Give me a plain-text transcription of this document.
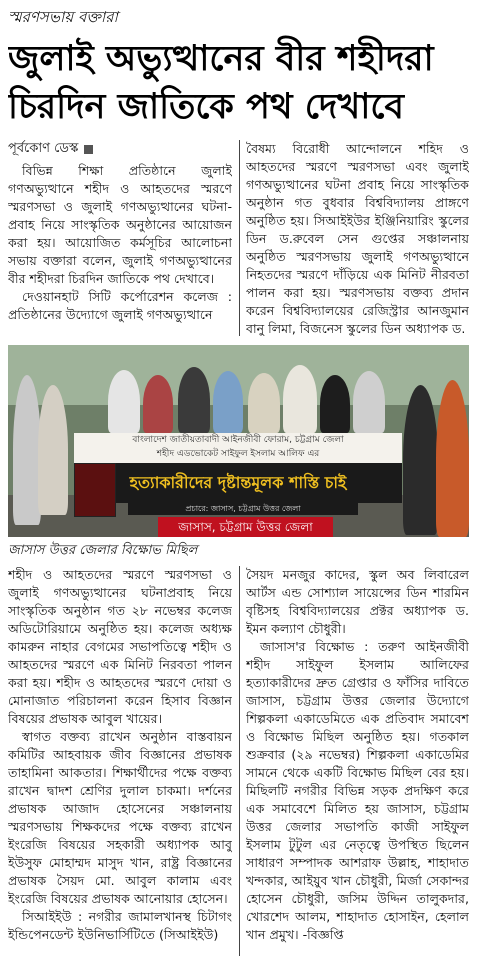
স্মরণসভায় বক্তারা
জুলাই অভ্যুত্থানের বীর শহীদরা
চিরদিন জাতিকে পথ দেখাবে
পূর্বকোণ ডেস্ক

বিভিন্ন শিক্ষা প্রতিষ্ঠানে জুলাই গণঅভ্যুত্থানে শহীদ ও আহতদের স্মরণে স্মরণসভা ও জুলাই গণঅভ্যুত্থানের ঘটনা-প্রবাহ নিয়ে সাংস্কৃতিক অনুষ্ঠানের আয়োজন করা হয়। আয়োজিত কর্মসূচির আলোচনা সভায় বক্তারা বলেন, জুলাই গণঅভ্যুত্থানের বীর শহীদরা চিরদিন জাতিকে পথ দেখাবে।

দেওয়ানহাট সিটি কর্পোরেশন কলেজ : প্রতিষ্ঠানের উদ্যোগে জুলাই গণঅভ্যুত্থানে

বৈষম্য বিরোধী আন্দোলনে শহিদ ও আহতদের স্মরণে স্মরণসভা এবং জুলাই গণঅভ্যুত্থানের ঘটনা প্রবাহ নিয়ে সাংস্কৃতিক অনুষ্ঠান গত বুধবার বিশ্ববিদ্যালয় প্রাঙ্গণে অনুষ্ঠিত হয়। সিআইইউর ইঞ্জিনিয়ারিং স্কুলের ডিন ড.রুবেল সেন গুপ্তের সঞ্চালনায় অনুষ্ঠিত স্মরণসভায় জুলাই গণঅভ্যুত্থানে নিহতদের স্মরণে দাঁড়িয়ে এক মিনিট নীরবতা পালন করা হয়। স্মরণসভায় বক্তব্য প্রদান করেন বিশ্ববিদ্যালয়ের রেজিস্ট্রার আনজুমান বানু লিমা, বিজনেস স্কুলের ডিন অধ্যাপক ড.

বাংলাদেশ জাতীয়তাবাদী আইনজীবী ফোরাম, চট্টগ্রাম জেলা
শহীদ এডভোকেট সাইফুল ইসলাম আলিফ এর
হত্যাকারীদের দৃষ্টান্তমূলক শাস্তি চাই
প্রচারে: জাসাস, চট্টগ্রাম উত্তর জেলা
জাসাস, চট্টগ্রাম উত্তর জেলা
জাসাস উত্তর জেলার বিক্ষোভ মিছিল

শহীদ ও আহতদের স্মরণে স্মরণসভা ও জুলাই গণঅভ্যুত্থানের ঘটনাপ্রবাহ নিয়ে সাংস্কৃতিক অনুষ্ঠান গত ২৮ নভেম্বর কলেজ অডিটোরিয়ামে অনুষ্ঠিত হয়। কলেজ অধ্যক্ষ কামরুন নাহার বেগমের সভাপতিত্বে শহীদ ও আহতদের স্মরণে এক মিনিট নিরবতা পালন করা হয়। শহীদ ও আহতদের স্মরণে দোয়া ও মোনাজাত পরিচালনা করেন হিসাব বিজ্ঞান বিষয়ের প্রভাষক আবুল খায়ের।

স্বাগত বক্তব্য রাখেন অনুষ্ঠান বাস্তবায়ন কমিটির আহবায়ক জীব বিজ্ঞানের প্রভাষক তাহামিনা আকতার। শিক্ষার্থীদের পক্ষে বক্তব্য রাখেন দ্বাদশ শ্রেণির দুলাল চাকমা। দর্শনের প্রভাষক আজাদ হোসেনের সঞ্চালনায় স্মরণসভায় শিক্ষকদের পক্ষে বক্তব্য রাখেন ইংরেজি বিষয়ের সহকারী অধ্যাপক আবু ইউসুফ মোহাম্মদ মাসুদ খান, রাষ্ট্র বিজ্ঞানের প্রভাষক সৈয়দ মো. আবুল কালাম এবং ইংরেজি বিষয়ের প্রভাষক আনোয়ার হোসেন।

সিআইইউ : নগরীর জামালখানস্থ চিটাগং ইন্ডিপেনডেন্ট ইউনিভার্সিটিতে (সিআইইউ)

সৈয়দ মনজুর কাদের, স্কুল অব লিবারেল আর্টস এন্ড সোশ্যাল সায়েন্সের ডিন শারমিন বৃষ্টিসহ বিশ্ববিদ্যালয়ের প্রক্টর অধ্যাপক ড. ইমন কল্যাণ চৌধুরী।

জাসাস'র বিক্ষোভ : তরুণ আইনজীবী শহীদ সাইফুল ইসলাম আলিফের হত্যাকারীদের দ্রুত গ্রেপ্তার ও ফাঁসির দাবিতে জাসাস, চট্টগ্রাম উত্তর জেলার উদ্যোগে শিল্পকলা একাডেমিতে এক প্রতিবাদ সমাবেশ ও বিক্ষোভ মিছিল অনুষ্ঠিত হয়। গতকাল শুক্রবার (২৯ নভেম্বর) শিল্পকলা একাডেমির সামনে থেকে একটি বিক্ষোভ মিছিল বের হয়। মিছিলটি নগরীর বিভিন্ন সড়ক প্রদক্ষিণ করে এক সমাবেশে মিলিত হয় জাসাস, চট্টগ্রাম উত্তর জেলার সভাপতি কাজী সাইফুল ইসলাম টুটুল এর নেতৃত্বে উপস্থিত ছিলেন সাধারণ সম্পাদক আশরাফ উল্লাহ, শাহাদাত খন্দকার, আইয়ুব খান চৌধুরী, মির্জা সেকান্দর হোসেন চৌধুরী, জসিম উদ্দিন তালুকদার, খোরশেদ আলম, শাহাদাত হোসাইন, হেলাল খান প্রমুখ। -বিজ্ঞপ্তি
